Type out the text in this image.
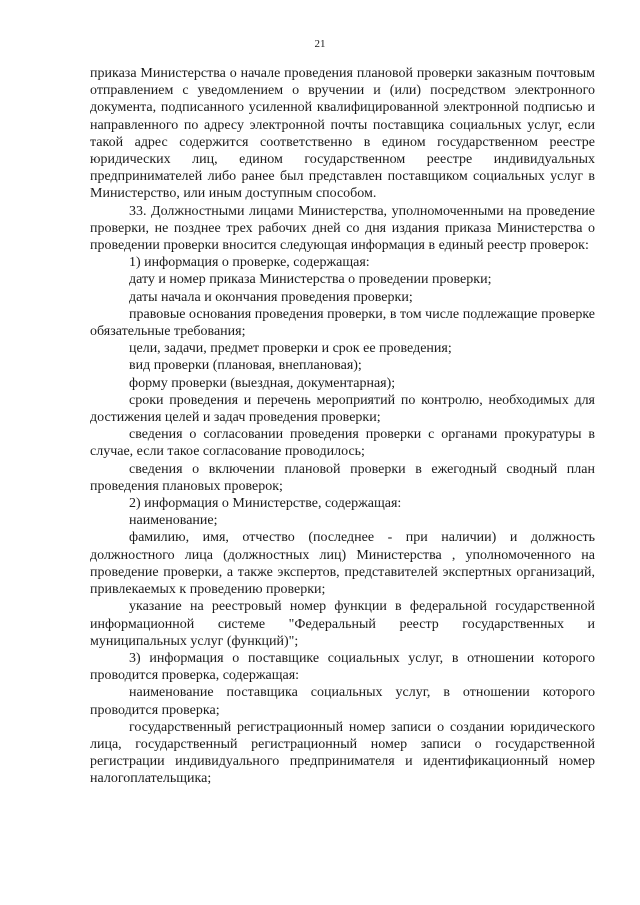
21

приказа Министерства о начале проведения плановой проверки заказным почтовым отправлением с уведомлением о вручении и (или) посредством электронного документа, подписанного усиленной квалифицированной электронной подписью и направленного по адресу электронной почты поставщика социальных услуг, если такой адрес содержится соответственно в едином государственном реестре юридических лиц, едином государственном реестре индивидуальных предпринимателей либо ранее был представлен поставщиком социальных услуг в Министерство, или иным доступным способом.

33. Должностными лицами Министерства, уполномоченными на проведение проверки, не позднее трех рабочих дней со дня издания приказа Министерства о проведении проверки вносится следующая информация в единый реестр проверок:

1) информация о проверке, содержащая:

дату и номер приказа Министерства о проведении проверки;

даты начала и окончания проведения проверки;

правовые основания проведения проверки, в том числе подлежащие проверке обязательные требования;

цели, задачи, предмет проверки и срок ее проведения;

вид проверки (плановая, внеплановая);

форму проверки (выездная, документарная);

сроки проведения и перечень мероприятий по контролю, необходимых для достижения целей и задач проведения проверки;

сведения о согласовании проведения проверки с органами прокуратуры в случае, если такое согласование проводилось;

сведения о включении плановой проверки в ежегодный сводный план проведения плановых проверок;

2) информация о Министерстве, содержащая:

наименование;

фамилию, имя, отчество (последнее - при наличии) и должность должностного лица (должностных лиц) Министерства , уполномоченного на проведение проверки, а также экспертов, представителей экспертных организаций, привлекаемых к проведению проверки;

указание на реестровый номер функции в федеральной государственной информационной системе "Федеральный реестр государственных и муниципальных услуг (функций)";

3) информация о поставщике социальных услуг, в отношении которого проводится проверка, содержащая:

наименование поставщика социальных услуг, в отношении которого проводится проверка;

государственный регистрационный номер записи о создании юридического лица, государственный регистрационный номер записи о государственной регистрации индивидуального предпринимателя и идентификационный номер налогоплательщика;
